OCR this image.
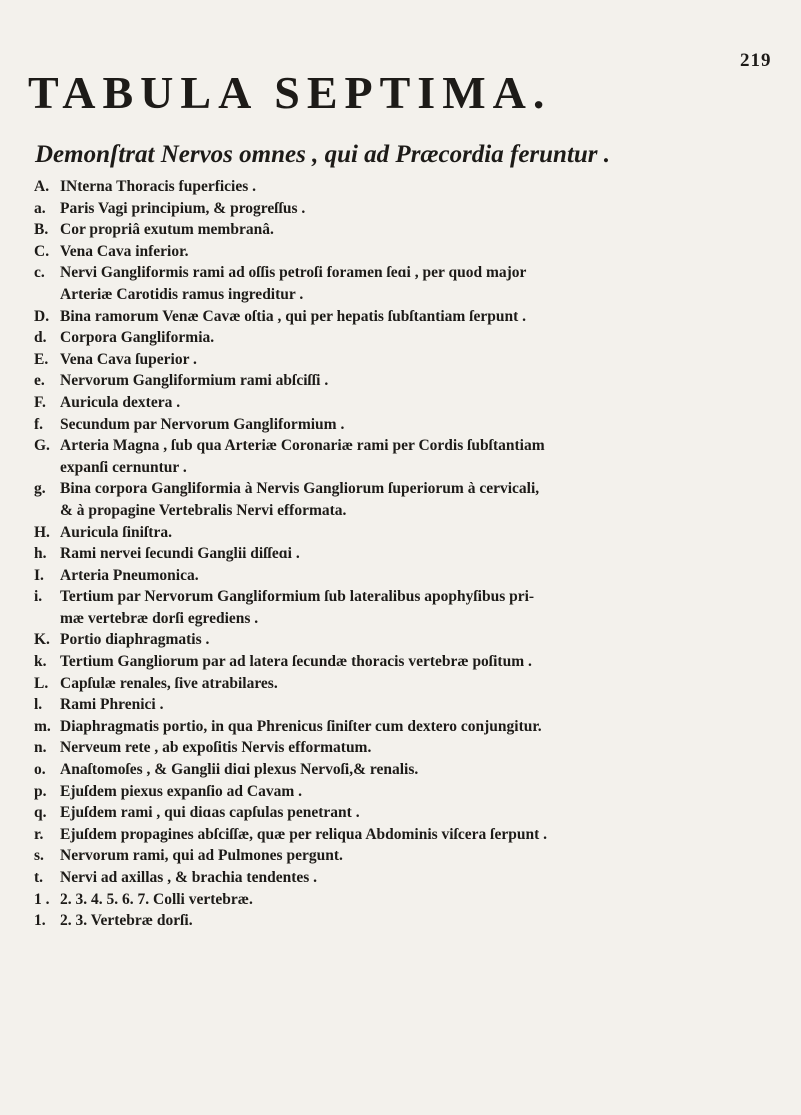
219
TABULA SEPTIMA.
Demonſtrat Nervos omnes , qui ad Præcordia feruntur .
A. INterna Thoracis fuperficies .
a. Paris Vagi principium, & progreſſus .
B. Cor propriâ exutum membranâ.
C. Vena Cava inferior.
c. Nervi Gangliformis rami ad oſſis petroſi foramen ſeɑi , per quod major
Arteriæ Carotidis ramus ingreditur .
D. Bina ramorum Venæ Cavæ oſtia , qui per hepatis ſubſtantiam ſerpunt .
d. Corpora Gangliformia.
E. Vena Cava ſuperior .
e. Nervorum Gangliformium rami abſciſſi .
F. Auricula dextera .
f. Secundum par Nervorum Gangliformium .
G. Arteria Magna , ſub qua Arteriæ Coronariæ rami per Cordis ſubſtantiam
expanſi cernuntur .
g. Bina corpora Gangliformia à Nervis Gangliorum ſuperiorum à cervicali,
& à propagine Vertebralis Nervi efformata.
H. Auricula ſiniſtra.
h. Rami nervei ſecundi Ganglii diſſeɑi .
I. Arteria Pneumonica.
i. Tertium par Nervorum Gangliformium ſub lateralibus apophyſibus pri-
mæ vertebræ dorſi egrediens .
K. Portio diaphragmatis .
k. Tertium Gangliorum par ad latera ſecundæ thoracis vertebræ poſitum .
L. Capſulæ renales, ſive atrabilares.
l. Rami Phrenici .
m. Diaphragmatis portio, in qua Phrenicus ſiniſter cum dextero conjungitur.
n. Nerveum rete , ab expoſitis Nervis efformatum.
o. Anaſtomoſes , & Ganglii diɑi plexus Nervoſi,& renalis.
p. Ejuſdem piexus expanſio ad Cavam .
q. Ejuſdem rami , qui diɑas capſulas penetrant .
r. Ejuſdem propagines abſciſſæ, quæ per reliqua Abdominis viſcera ſerpunt .
s. Nervorum rami, qui ad Pulmones pergunt.
t. Nervi ad axillas , & brachia tendentes .
1 . 2. 3. 4. 5. 6. 7. Colli vertebræ.
1. 2. 3. Vertebræ dorſi.
